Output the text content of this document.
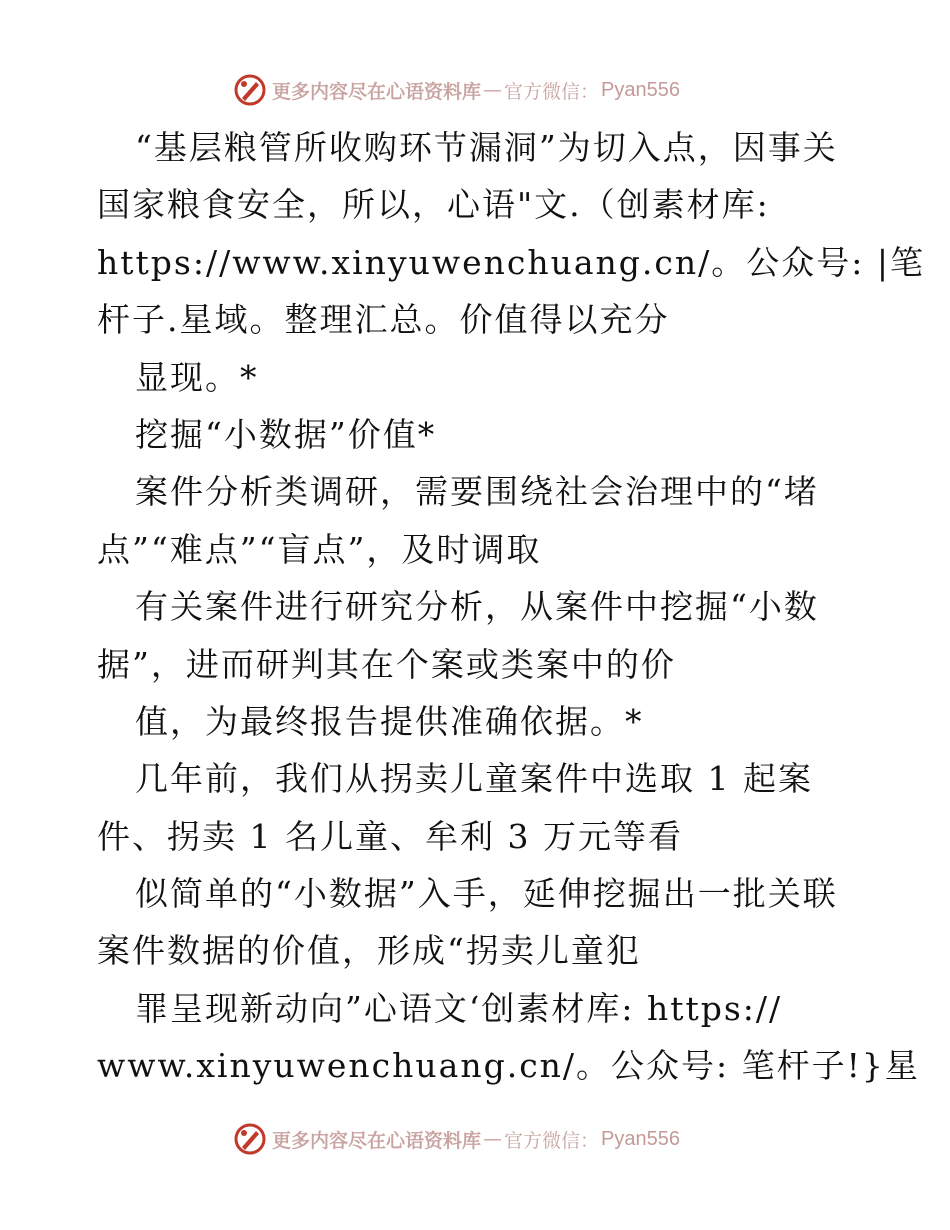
更多内容尽在心语资料库 — 官方微信： Pyan556
“基层粮管所收购环节漏洞”为切入点，因事关
国家粮食安全，所以，心语"文.（创素材库:
https://www.xinyuwenchuang.cn/。公众号: |笔
杆子.星域。整理汇总。价值得以充分
显现。*
挖掘“小数据”价值*
案件分析类调研，需要围绕社会治理中的“堵
点”“难点”“盲点”，及时调取
有关案件进行研究分析，从案件中挖掘“小数
据”，进而研判其在个案或类案中的价
值，为最终报告提供准确依据。*
几年前，我们从拐卖儿童案件中选取 1 起案
件、拐卖 1 名儿童、牟利 3 万元等看
似简单的“小数据”入手，延伸挖掘出一批关联
案件数据的价值，形成“拐卖儿童犯
罪呈现新动向”心语文‘创素材库: https://
www.xinyuwenchuang.cn/。公众号: 笔杆子!}星
更多内容尽在心语资料库 — 官方微信： Pyan556
